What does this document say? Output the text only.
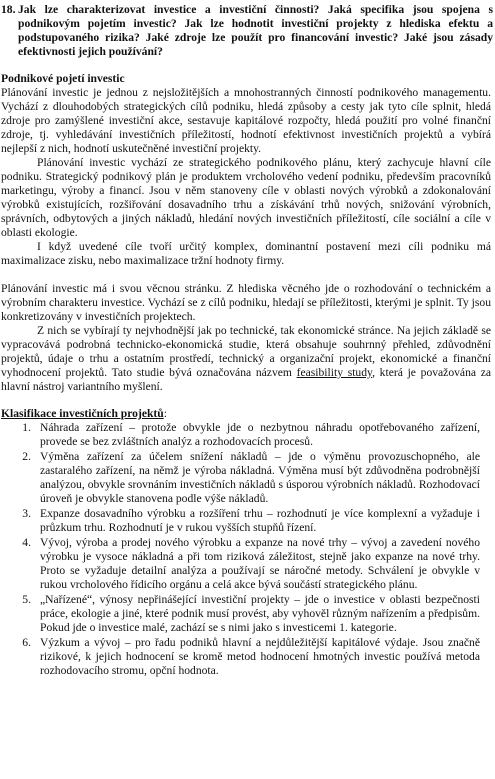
18. Jak lze charakterizovat investice a investiční činnosti? Jaká specifika jsou spojena s podnikovým pojetím investic? Jak lze hodnotit investiční projekty z hlediska efektu a podstupovaného rizika? Jaké zdroje lze použít pro financování investic? Jaké jsou zásady efektivnosti jejich používání?
Podnikové pojetí investic
Plánování investic je jednou z nejsložitějších a mnohostranných činností podnikového managementu. Vychází z dlouhodobých strategických cílů podniku, hledá způsoby a cesty jak tyto cíle splnit, hledá zdroje pro zamýšlené investiční akce, sestavuje kapitálové rozpočty, hledá použití pro volné finanční zdroje, tj. vyhledávání investičních příležitostí, hodnotí efektivnost investičních projektů a vybírá nejlepší z nich, hodnotí uskutečněné investiční projekty.
Plánování investic vychází ze strategického podnikového plánu, který zachycuje hlavní cíle podniku. Strategický podnikový plán je produktem vrcholového vedení podniku, především pracovníků marketingu, výroby a financí. Jsou v něm stanoveny cíle v oblasti nových výrobků a zdokonalování výrobků existujících, rozšiřování dosavadního trhu a získávání trhů nových, snižování výrobních, správních, odbytových a jiných nákladů, hledání nových investičních příležitostí, cíle sociální a cíle v oblasti ekologie.
I když uvedené cíle tvoří určitý komplex, dominantní postavení mezi cíli podniku má maximalizace zisku, nebo maximalizace tržní hodnoty firmy.
Plánování investic má i svou věcnou stránku. Z hlediska věcného jde o rozhodování o technickém a výrobním charakteru investice. Vychází se z cílů podniku, hledají se příležitosti, kterými je splnit. Ty jsou konkretizovány v investičních projektech.
Z nich se vybírají ty nejvhodnější jak po technické, tak ekonomické stránce. Na jejich základě se vypracovává podrobná technicko-ekonomická studie, která obsahuje souhrnný přehled, zdůvodnění projektů, údaje o trhu a ostatním prostředí, technický a organizační projekt, ekonomické a finanční vyhodnocení projektů. Tato studie bývá označována názvem feasibility study, která je považována za hlavní nástroj variantního myšlení.
Klasifikace investičních projektů:
1. Náhrada zařízení – protože obvykle jde o nezbytnou náhradu opotřebovaného zařízení, provede se bez zvláštních analýz a rozhodovacích procesů.
2. Výměna zařízení za účelem snížení nákladů – jde o výměnu provozuschopného, ale zastaralého zařízení, na němž je výroba nákladná. Výměna musí být zdůvodněna podrobnější analýzou, obvykle srovnáním investičních nákladů s úsporou výrobních nákladů. Rozhodovací úroveň je obvykle stanovena podle výše nákladů.
3. Expanze dosavadního výrobku a rozšíření trhu – rozhodnutí je více komplexní a vyžaduje i průzkum trhu. Rozhodnutí je v rukou vyšších stupňů řízení.
4. Vývoj, výroba a prodej nového výrobku a expanze na nové trhy – vývoj a zavedení nového výrobku je vysoce nákladná a při tom riziková záležitost, stejně jako expanze na nové trhy. Proto se vyžaduje detailní analýza a používají se náročné metody. Schválení je obvykle v rukou vrcholového řídicího orgánu a celá akce bývá součástí strategického plánu.
5. „Nařízené“, výnosy nepřinášející investiční projekty – jde o investice v oblasti bezpečnosti práce, ekologie a jiné, které podnik musí provést, aby vyhověl různým nařízením a předpisům. Pokud jde o investice malé, zachází se s nimi jako s investicemi 1. kategorie.
6. Výzkum a vývoj – pro řadu podniků hlavní a nejdůležitější kapitálové výdaje. Jsou značně rizikové, k jejich hodnocení se kromě metod hodnocení hmotných investic používá metoda rozhodovacího stromu, opční hodnota.
